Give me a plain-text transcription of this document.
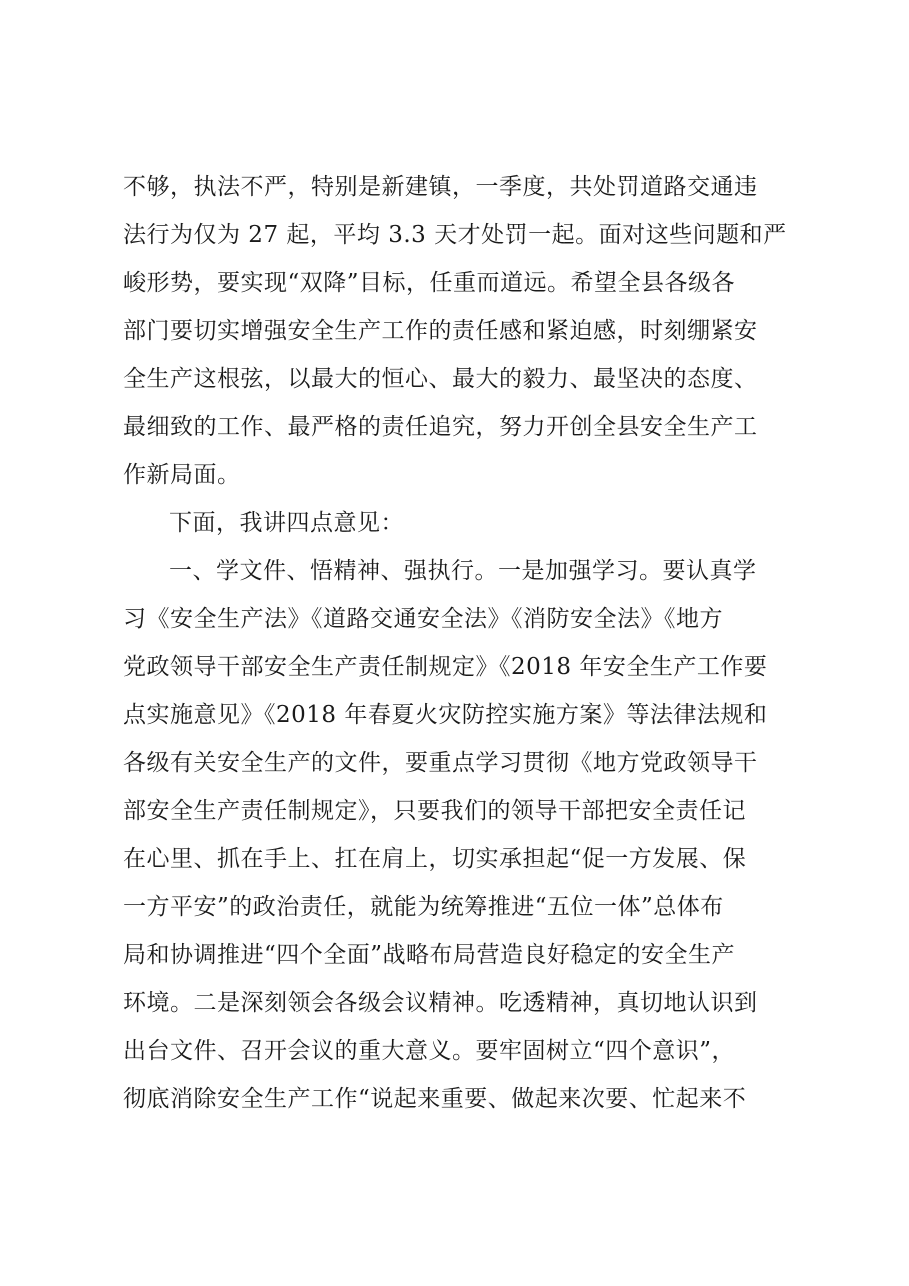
不够，执法不严，特别是新建镇，一季度，共处罚道路交通违
法行为仅为 27 起，平均 3.3 天才处罚一起。面对这些问题和严
峻形势，要实现“双降”目标，任重而道远。希望全县各级各
部门要切实增强安全生产工作的责任感和紧迫感，时刻绷紧安
全生产这根弦，以最大的恒心、最大的毅力、最坚决的态度、
最细致的工作、最严格的责任追究，努力开创全县安全生产工
作新局面。
下面，我讲四点意见：
一、学文件、悟精神、强执行。一是加强学习。要认真学
习《安全生产法》《道路交通安全法》《消防安全法》《地方
党政领导干部安全生产责任制规定》《2018 年安全生产工作要
点实施意见》《2018 年春夏火灾防控实施方案》等法律法规和
各级有关安全生产的文件，要重点学习贯彻《地方党政领导干
部安全生产责任制规定》，只要我们的领导干部把安全责任记
在心里、抓在手上、扛在肩上，切实承担起“促一方发展、保
一方平安”的政治责任，就能为统筹推进“五位一体”总体布
局和协调推进“四个全面”战略布局营造良好稳定的安全生产
环境。二是深刻领会各级会议精神。吃透精神，真切地认识到
出台文件、召开会议的重大意义。要牢固树立“四个意识”，
彻底消除安全生产工作“说起来重要、做起来次要、忙起来不
